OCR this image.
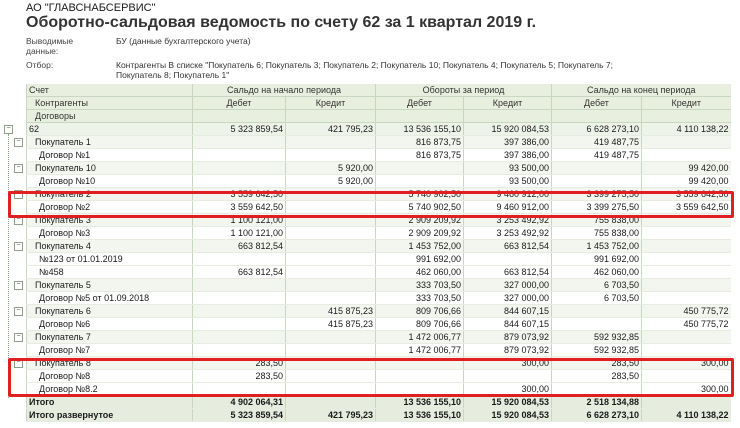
АО "ГЛАВСНАБСЕРВИС"
Оборотно-сальдовая ведомость по счету 62 за 1 квартал 2019 г.
Выводимые
данные:
БУ (данные бухгалтерского учета)
Отбор:	Контрагенты В списке "Покупатель 6; Покупатель 3; Покупатель 2; Покупатель 10; Покупатель 4; Покупатель 5; Покупатель 7;
Покупатель 8; Покупатель 1"
Счет	Сальдо на начало периода		Обороты за период		Сальдо на конец периода	
Контрагенты	Дебет	Кредит	Дебет	Кредит	Дебет	Кредит
Договоры						
62	5 323 859,54	421 795,23	13 536 155,10	15 920 084,53	6 628 273,10	4 110 138,22
Покупатель 1			816 873,75	397 386,00	419 487,75	
Договор №1			816 873,75	397 386,00	419 487,75	
Покупатель 10		5 920,00		93 500,00		99 420,00
Договор №10		5 920,00		93 500,00		99 420,00
Покупатель 2	3 559 642,50		5 740 902,50	9 460 912,00	3 399 275,50	3 559 642,50
Договор №2	3 559 642,50		5 740 902,50	9 460 912,00	3 399 275,50	3 559 642,50
Покупатель 3	1 100 121,00		2 909 209,92	3 253 492,92	755 838,00	
Договор №3	1 100 121,00		2 909 209,92	3 253 492,92	755 838,00	
Покупатель 4	663 812,54		1 453 752,00	663 812,54	1 453 752,00	
№123 от 01.01.2019			991 692,00		991 692,00	
№458	663 812,54		462 060,00	663 812,54	462 060,00	
Покупатель 5			333 703,50	327 000,00	6 703,50	
Договор №5 от 01.09.2018			333 703,50	327 000,00	6 703,50	
Покупатель 6		415 875,23	809 706,66	844 607,15		450 775,72
Договор №6		415 875,23	809 706,66	844 607,15		450 775,72
Покупатель 7			1 472 006,77	879 073,92	592 932,85	
Договор №7			1 472 006,77	879 073,92	592 932,85	
Покупатель 8	283,50			300,00	283,50	300,00
Договор №8	283,50				283,50	
Договор №8.2				300,00		300,00
Итого	4 902 064,31		13 536 155,10	15 920 084,53	2 518 134,88	
Итого развернутое	5 323 859,54	421 795,23	13 536 155,10	15 920 084,53	6 628 273,10	4 110 138,22
−
−
−
−
−
−
−
−
−
−
